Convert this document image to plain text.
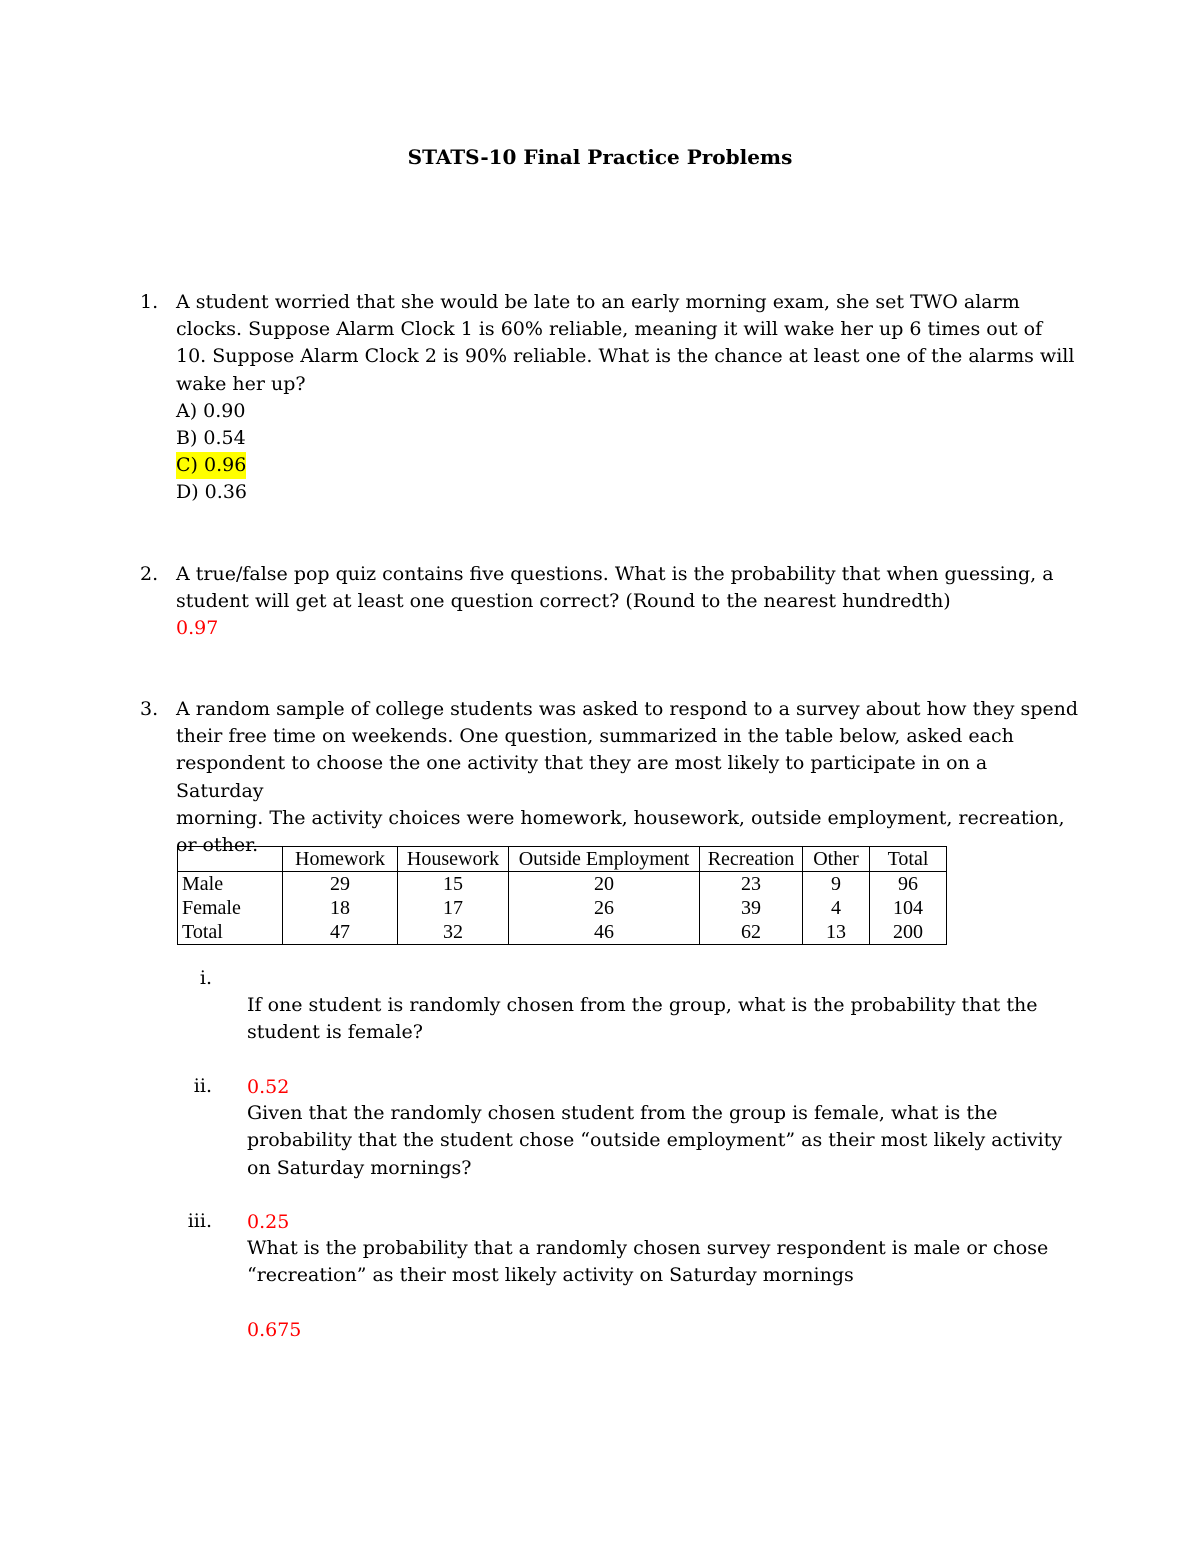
STATS-10 Final Practice Problems
1. A student worried that she would be late to an early morning exam, she set TWO alarm
clocks. Suppose Alarm Clock 1 is 60% reliable, meaning it will wake her up 6 times out of
10. Suppose Alarm Clock 2 is 90% reliable. What is the chance at least one of the alarms will
wake her up?
A) 0.90
B) 0.54
C) 0.96
D) 0.36
2. A true/false pop quiz contains five questions. What is the probability that when guessing, a
student will get at least one question correct? (Round to the nearest hundredth)
0.97
3. A random sample of college students was asked to respond to a survey about how they spend
their free time on weekends. One question, summarized in the table below, asked each
respondent to choose the one activity that they are most likely to participate in on a Saturday
morning. The activity choices were homework, housework, outside employment, recreation,
or other.
	Homework	Housework	Outside Employment	Recreation	Other	Total
Male	29	15	20	23	9	96
Female	18	17	26	39	4	104
Total	47	32	46	62	13	200
i.

If one student is randomly chosen from the group, what is the probability that the
student is female?

0.52

ii.

Given that the randomly chosen student from the group is female, what is the
probability that the student chose “outside employment” as their most likely activity
on Saturday mornings?

0.25

iii.

What is the probability that a randomly chosen survey respondent is male or chose
“recreation” as their most likely activity on Saturday mornings

0.675
